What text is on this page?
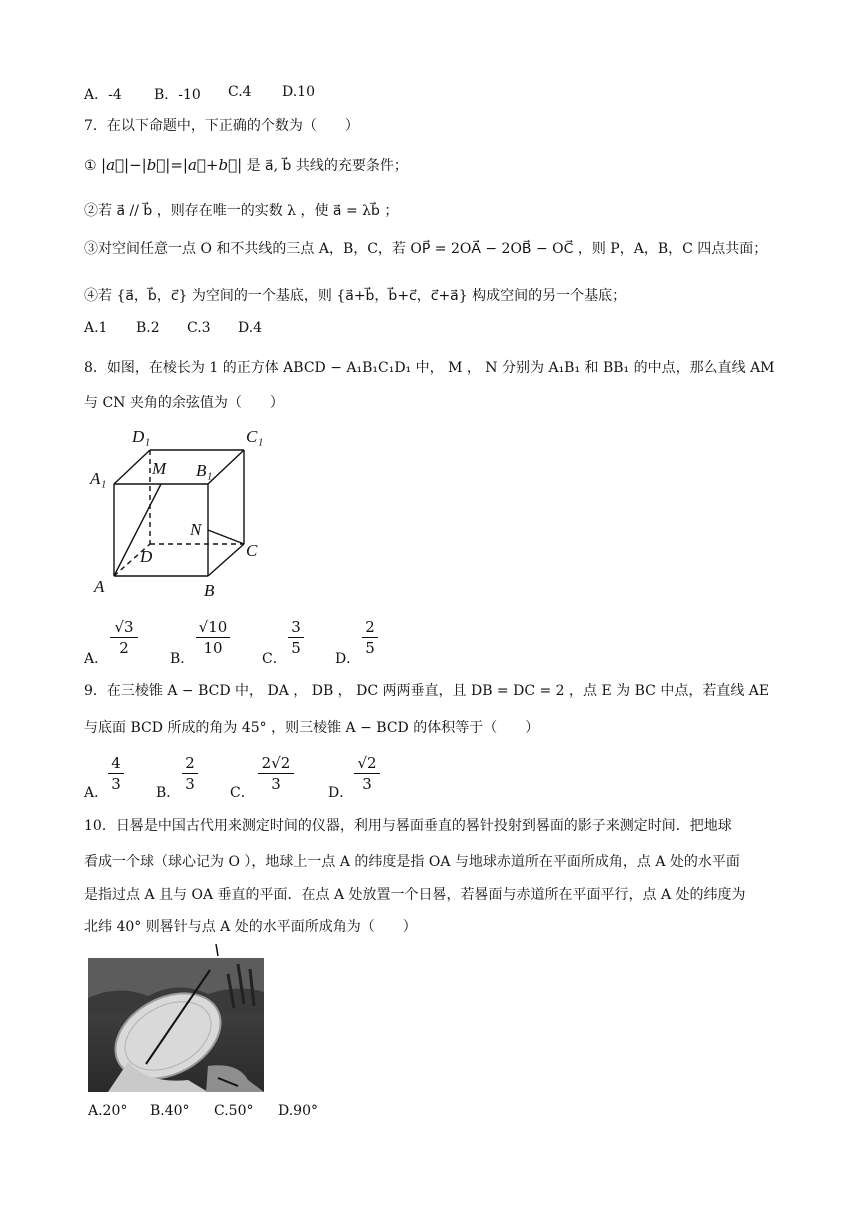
A．-4 B．-10 C.4 D.10
7．在以下命题中，下正确的个数为（　　）
① |a⃗|−|b⃗|=|a⃗+b⃗| 是 a⃗, b⃗ 共线的充要条件；
②若 a⃗ // b⃗ ，则存在唯一的实数 λ ，使 a⃗ = λb⃗ ；
③对空间任意一点 O 和不共线的三点 A，B，C，若 OP⃗ = 2OA⃗ − 2OB⃗ − OC⃗ ，则 P，A，B，C 四点共面；
④若 {a⃗，b⃗，c⃗} 为空间的一个基底，则 {a⃗+b⃗，b⃗+c⃗，c⃗+a⃗} 构成空间的另一个基底；
A.1 B.2 C.3 D.4
8．如图，在棱长为 1 的正方体 ABCD − A₁B₁C₁D₁ 中， M ， N 分别为 A₁B₁ 和 BB₁ 的中点，那么直线 AM
与 CN 夹角的余弦值为（　　）
D₁	C₁
A₁
M B₁
N
D	C
A	B
A．
√3
2
B．
√10
10
C．
3
5
D．
2
5
9．在三棱锥 A − BCD 中， DA ， DB ， DC 两两垂直，且 DB = DC = 2 ，点 E 为 BC 中点，若直线 AE
与底面 BCD 所成的角为 45° ，则三棱锥 A − BCD 的体积等于（　　）
A．
4
3	B．
2
3	C．
2√2
3	D．
√2
3
10．日晷是中国古代用来测定时间的仪器，利用与晷面垂直的晷针投射到晷面的影子来测定时间．把地球
看成一个球（球心记为 O ），地球上一点 A 的纬度是指 OA 与地球赤道所在平面所成角，点 A 处的水平面
是指过点 A 且与 OA 垂直的平面．在点 A 处放置一个日晷，若晷面与赤道所在平面平行，点 A 处的纬度为
北纬 40° 则晷针与点 A 处的水平面所成角为（　　）
A.20° B.40° C.50° D.90°
